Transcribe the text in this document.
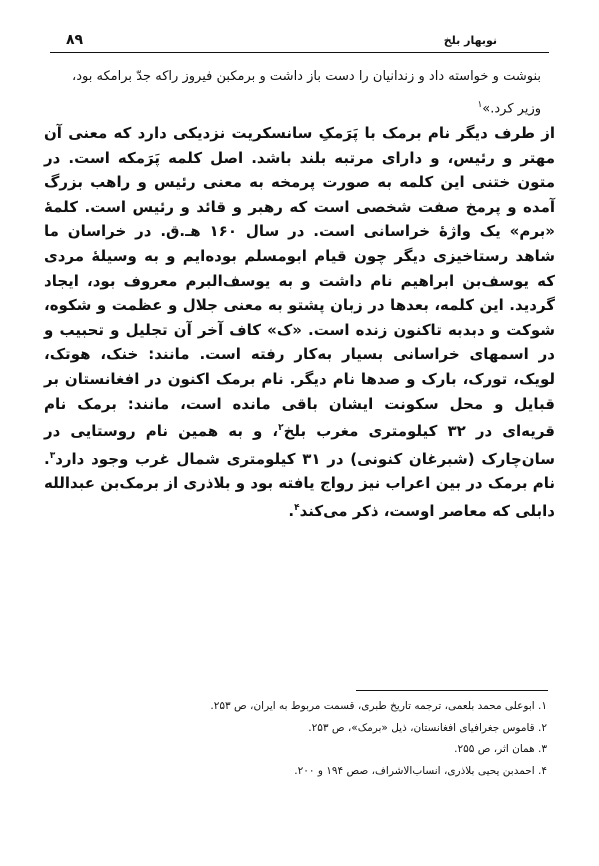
نوبهار بلخ
۸۹
بنوشت و خواسته داد و زندانیان را دست باز داشت و برمکبن فیروز راکه جدّ برامکه بود، وزیر کرد.»$^۱$

از طرف دیگر نام برمک با پَرَمکِ سانسکریت نزدیکی دارد که معنی آن مهتر و رئیس، و دارای مرتبه بلند باشد. اصل کلمه پَرَمکه است. در متون ختنی این کلمه به صورت پرمخه به معنی رئیس و راهب بزرگ آمده و پرمخ صفت شخصی است که رهبر و قائد و رئیس است. کلمهٔ «برم» یک واژهٔ خراسانی است. در سال ۱۶۰ هـ.ق. در خراسان ما شاهد رستاخیزی دیگر چون قیام ابومسلم بوده‌ایم و به وسیلهٔ مردی که یوسف‌بن ابراهیم نام داشت و به یوسف‌البرم معروف بود، ایجاد گردید. این کلمه، بعدها در زبان پشتو به معنی جلال و عظمت و شکوه، شوکت و دبدبه تاکنون زنده است. «ک» کاف آخر آن تجلیل و تحبیب و در اسمهای خراسانی بسیار به‌کار رفته است. مانند: خنک، هوتک، لویک، تورک، بارک و صدها نام دیگر. نام برمک اکنون در افغانستان بر قبایل و محل سکونت ایشان باقی مانده است، مانند: برمک نام قریه‌ای در ۳۲ کیلومتری مغرب بلخ$^۲$، و به همین نام روستایی در سان‌چارک (شبرغان کنونی) در ۳۱ کیلومتری شمال غرب وجود دارد$^۳$. نام برمک در بین اعراب نیز رواج یافته بود و بلاذری از برمک‌بن عبدالله دابلی که معاصر اوست، ذکر می‌کند$^۴$.

۱. ابوعلی محمد بلعمی، ترجمه تاریخ طبری، قسمت مربوط به ایران، ص ۲۵۳.
۲. قاموس جغرافیای افغانستان، ذیل «برمک»، ص ۲۵۳.
۳. همان اثر، ص ۲۵۵.
۴. احمدبن یحیی بلاذری، انساب‌الاشراف، صص ۱۹۴ و ۲۰۰.
